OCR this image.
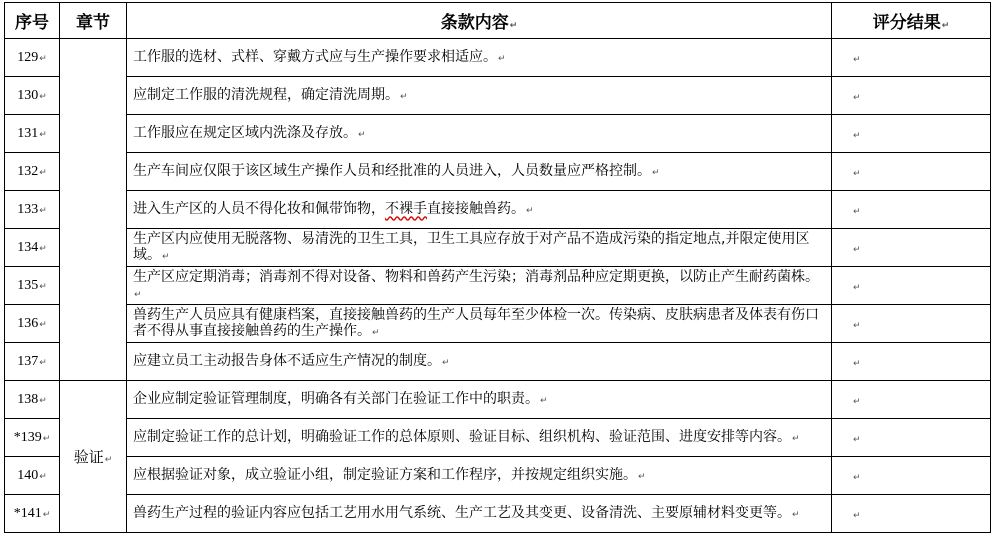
序号	章节	条款内容↵	评分结果↵
129↵		工作服的选材、式样、穿戴方式应与生产操作要求相适应。↵	↵
130↵		应制定工作服的清洗规程，确定清洗周期。↵	↵
131↵		工作服应在规定区域内洗涤及存放。↵	↵
132↵		生产车间应仅限于该区域生产操作人员和经批准的人员进入，人员数量应严格控制。↵	↵
133↵		进入生产区的人员不得化妆和佩带饰物，不裸手直接接触兽药。↵	↵
134↵		生产区内应使用无脱落物、易清洗的卫生工具，卫生工具应存放于对产品不造成污染的指定地点,并限定使用区域。↵	↵
135↵		生产区应定期消毒；消毒剂不得对设备、物料和兽药产生污染；消毒剂品种应定期更换，以防止产生耐药菌株。↵	↵
136↵		兽药生产人员应具有健康档案，直接接触兽药的生产人员每年至少体检一次。传染病、皮肤病患者及体表有伤口者不得从事直接接触兽药的生产操作。↵	↵
137↵		应建立员工主动报告身体不适应生产情况的制度。↵	↵
138↵	验证↵	企业应制定验证管理制度，明确各有关部门在验证工作中的职责。↵	↵
*139↵		应制定验证工作的总计划，明确验证工作的总体原则、验证目标、组织机构、验证范围、进度安排等内容。↵	↵
140↵		应根据验证对象，成立验证小组，制定验证方案和工作程序，并按规定组织实施。↵	↵
*141↵		兽药生产过程的验证内容应包括工艺用水用气系统、生产工艺及其变更、设备清洗、主要原辅材料变更等。↵	↵
